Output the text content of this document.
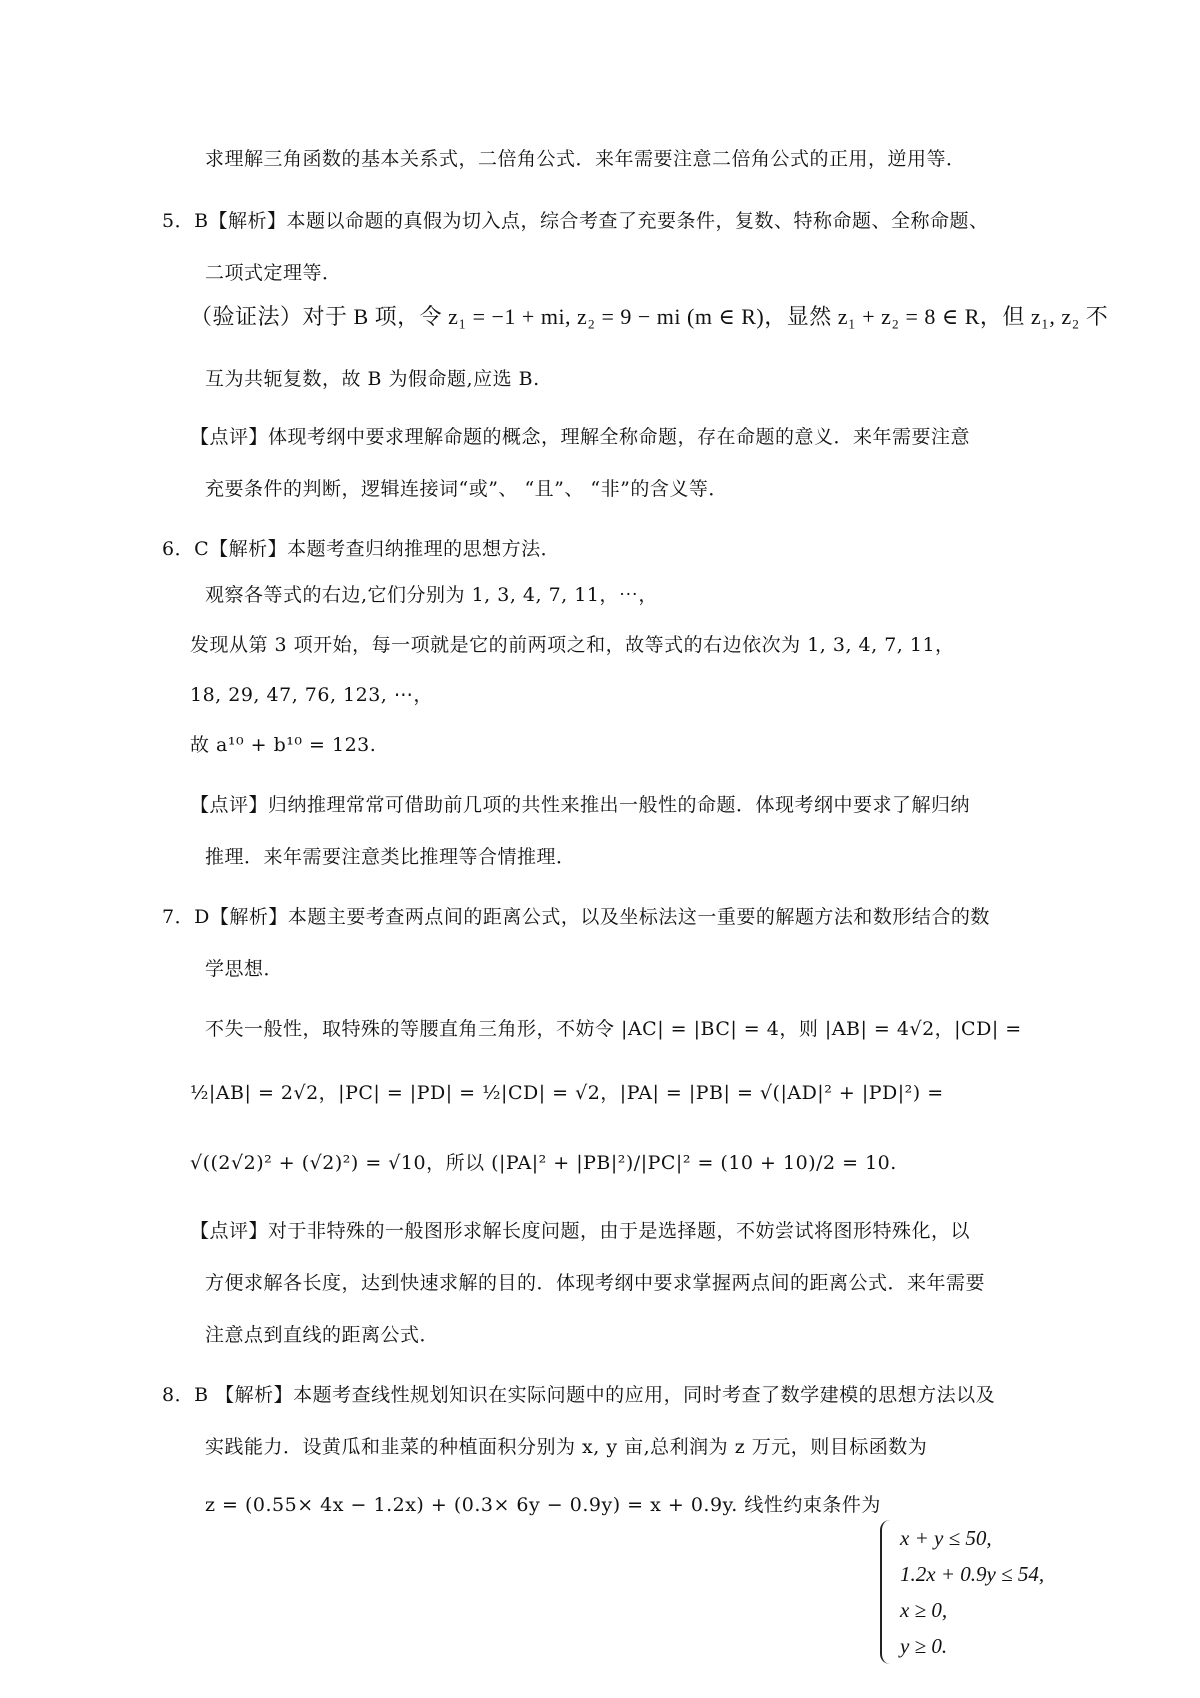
求理解三角函数的基本关系式，二倍角公式．来年需要注意二倍角公式的正用，逆用等．
5．B【解析】本题以命题的真假为切入点，综合考查了充要条件，复数、特称命题、全称命题、
二项式定理等．
（验证法）对于 B 项，令 z₁ = −1 + mi, z₂ = 9 − mi (m ∈ R)，显然 z₁ + z₂ = 8 ∈ R，但 z₁, z₂ 不
互为共轭复数，故 B 为假命题,应选 B.
【点评】体现考纲中要求理解命题的概念，理解全称命题，存在命题的意义．来年需要注意
充要条件的判断，逻辑连接词“或”、 “且”、 “非”的含义等．
6．C【解析】本题考查归纳推理的思想方法．
观察各等式的右边,它们分别为 1, 3, 4, 7, 11，⋯，
发现从第 3 项开始，每一项就是它的前两项之和，故等式的右边依次为 1, 3, 4, 7, 11，
18, 29, 47, 76, 123, ⋯，
故 a¹⁰ + b¹⁰ = 123.
【点评】归纳推理常常可借助前几项的共性来推出一般性的命题．体现考纲中要求了解归纳
推理．来年需要注意类比推理等合情推理．
7．D【解析】本题主要考查两点间的距离公式，以及坐标法这一重要的解题方法和数形结合的数
学思想．
不失一般性，取特殊的等腰直角三角形，不妨令 |AC| = |BC| = 4，则 |AB| = 4√2，|CD| =
½|AB| = 2√2，|PC| = |PD| = ½|CD| = √2，|PA| = |PB| = √(|AD|² + |PD|²) =
√((2√2)² + (√2)²) = √10，所以 (|PA|² + |PB|²)/|PC|² = (10 + 10)/2 = 10.
【点评】对于非特殊的一般图形求解长度问题，由于是选择题，不妨尝试将图形特殊化，以
方便求解各长度，达到快速求解的目的．体现考纲中要求掌握两点间的距离公式．来年需要
注意点到直线的距离公式．
8．B 【解析】本题考查线性规划知识在实际问题中的应用，同时考查了数学建模的思想方法以及
实践能力．设黄瓜和韭菜的种植面积分别为 x, y 亩,总利润为 z 万元，则目标函数为
z = (0.55× 4x − 1.2x) + (0.3× 6y − 0.9y) = x + 0.9y. 线性约束条件为
x + y ≤ 50,
1.2x + 0.9y ≤ 54,
x ≥ 0,
y ≥ 0.
